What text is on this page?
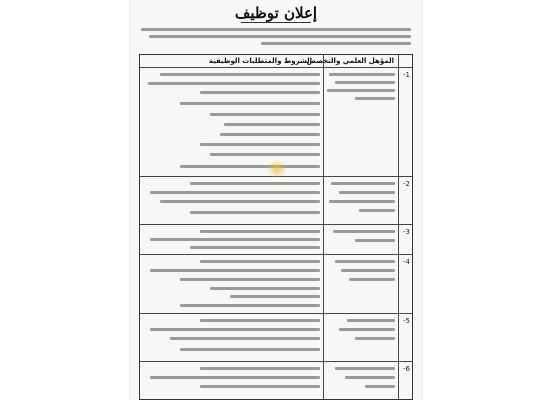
إعلان توظيف
المؤهل العلمي والتخصص
الشروط والمتطلبات الوظيفية
-1
-2
-3
-4
-5
-6
